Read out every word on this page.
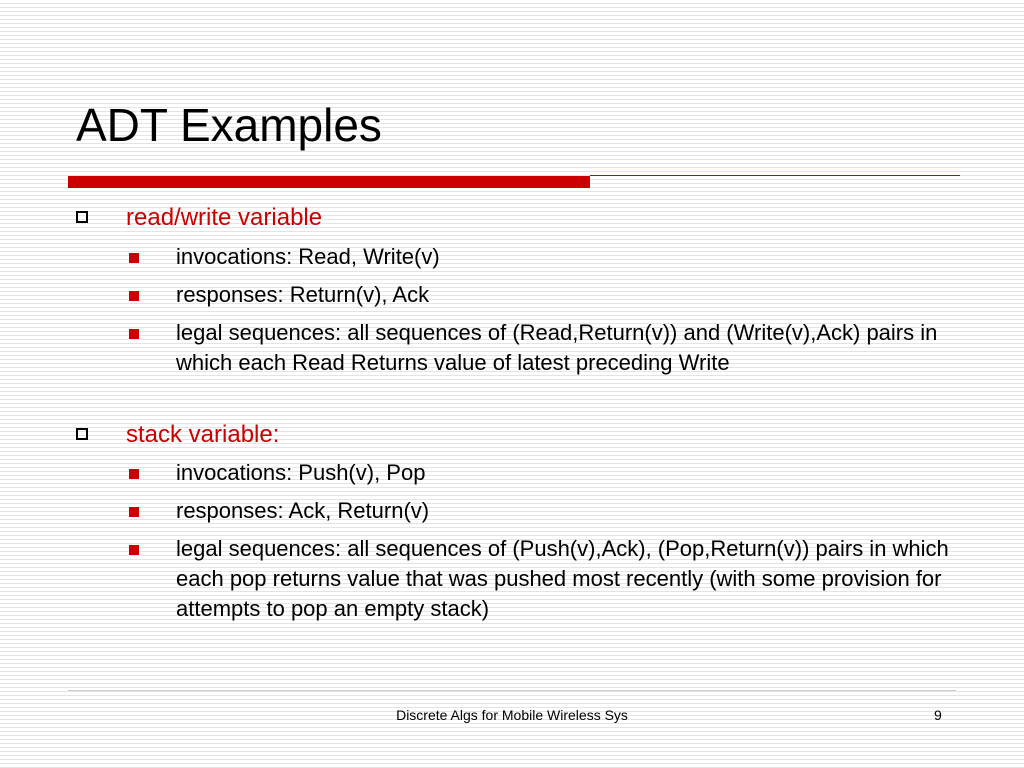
ADT Examples
read/write variable
invocations: Read, Write(v)
responses: Return(v), Ack
legal sequences: all sequences of (Read,Return(v)) and (Write(v),Ack) pairs in which each Read Returns value of latest preceding Write
stack variable:
invocations: Push(v), Pop
responses: Ack, Return(v)
legal sequences: all sequences of (Push(v),Ack), (Pop,Return(v)) pairs in which each pop returns value that was pushed most recently (with some provision for attempts to pop an empty stack)
Discrete Algs for Mobile Wireless Sys	9
